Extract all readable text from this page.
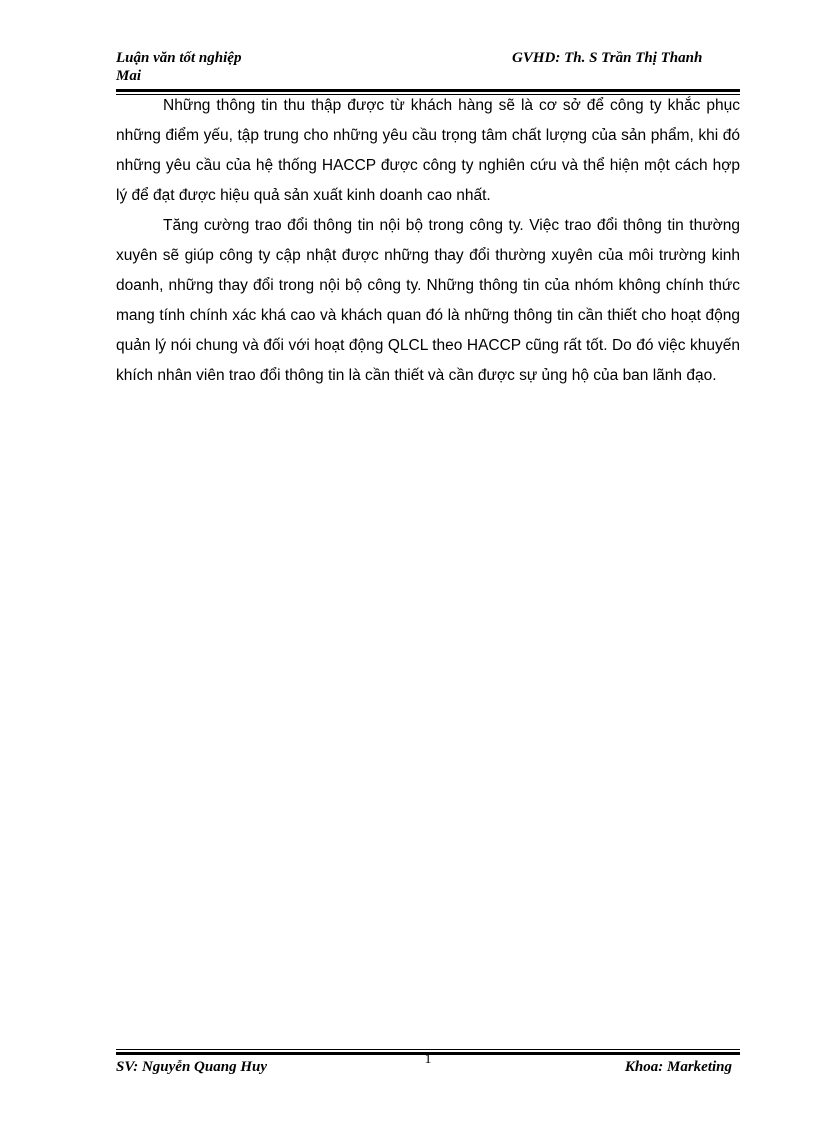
Luận văn tốt nghiệp
Mai
GVHD: Th. S Trần Thị Thanh

Những thông tin thu thập được từ khách hàng sẽ là cơ sở để công ty khắc phục những điểm yếu, tập trung cho những yêu cầu trọng tâm chất lượng của sản phẩm, khi đó những yêu cầu của hệ thống HACCP được công ty nghiên cứu và thể hiện một cách hợp lý để đạt được hiệu quả sản xuất kinh doanh cao nhất.

Tăng cường trao đổi thông tin nội bộ trong công ty. Việc trao đổi thông tin thường xuyên sẽ giúp công ty cập nhật được những thay đổi thường xuyên của môi trường kinh doanh, những thay đổi trong nội bộ công ty. Những thông tin của nhóm không chính thức mang tính chính xác khá cao và khách quan đó là những thông tin cần thiết cho hoạt động quản lý nói chung và đối với hoạt động QLCL theo HACCP cũng rất tốt. Do đó việc khuyến khích nhân viên trao đổi thông tin là cần thiết và cần được sự ủng hộ của ban lãnh đạo.

1
SV: Nguyễn Quang Huy	Khoa: Marketing
